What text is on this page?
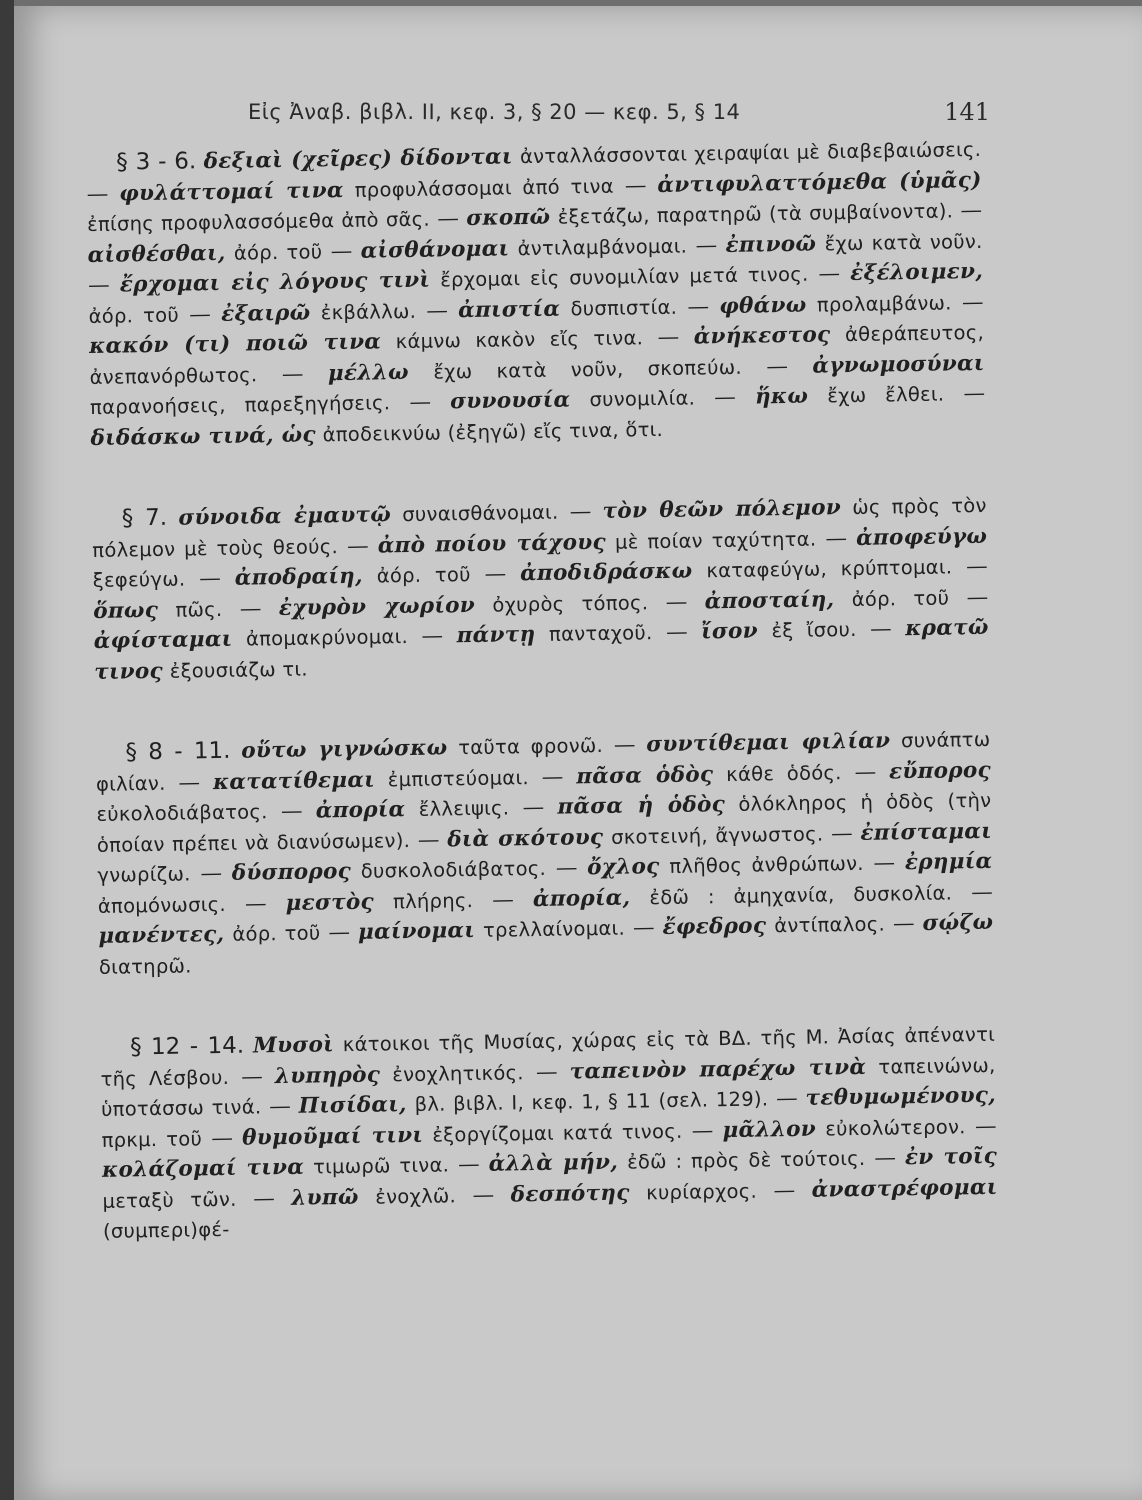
Εἰς Ἀναβ. βιβλ. ΙΙ, κεφ. 3, § 20 — κεφ. 5, § 14	141

§ 3 - 6. δεξιαὶ (χεῖρες) δίδονται ἀνταλλάσσονται χειραψίαι μὲ διαβεβαιώσεις. — φυλάττομαί τινα προφυλάσσομαι ἀπό τινα — ἀντιφυλαττόμεθα (ὑμᾶς) ἐπίσης προφυλασσόμεθα ἀπὸ σᾶς. — σκοπῶ ἐξετάζω, παρατηρῶ (τὰ συμβαίνοντα). — αἰσθέσθαι, ἀόρ. τοῦ — αἰσθάνομαι ἀντιλαμβάνομαι. — ἐπινοῶ ἔχω κατὰ νοῦν. — ἔρχομαι εἰς λόγους τινὶ ἔρχομαι εἰς συνομιλίαν μετά τινος. — ἐξέλοιμεν, ἀόρ. τοῦ — ἐξαιρῶ ἐκβάλλω. — ἀπιστία δυσπιστία. — φθάνω προλαμβάνω. — κακόν (τι) ποιῶ τινα κάμνω κακὸν εἴς τινα. — ἀνήκεστος ἀθεράπευτος, ἀνεπανόρθωτος. — μέλλω ἔχω κατὰ νοῦν, σκοπεύω. — ἀγνωμοσύναι παρανοήσεις, παρεξηγήσεις. — συνουσία συνομιλία. — ἥκω ἔχω ἔλθει. — διδάσκω τινά, ὡς ἀποδεικνύω (ἐξηγῶ) εἴς τινα, ὅτι.

§ 7. σύνοιδα ἐμαυτῷ συναισθάνομαι. — τὸν θεῶν πόλεμον ὡς πρὸς τὸν πόλεμον μὲ τοὺς θεούς. — ἀπὸ ποίου τάχους μὲ ποίαν ταχύτητα. — ἀποφεύγω ξεφεύγω. — ἀποδραίη, ἀόρ. τοῦ — ἀποδιδράσκω καταφεύγω, κρύπτομαι. — ὅπως πῶς. — ἐχυρὸν χωρίον ὀχυρὸς τόπος. — ἀποσταίη, ἀόρ. τοῦ — ἀφίσταμαι ἀπομακρύνομαι. — πάντῃ πανταχοῦ. — ἴσον ἐξ ἴσου. — κρατῶ τινος ἐξουσιάζω τι.

§ 8 - 11. οὕτω γιγνώσκω ταῦτα φρονῶ. — συντίθεμαι φιλίαν συνάπτω φιλίαν. — κατατίθεμαι ἐμπιστεύομαι. — πᾶσα ὁδὸς κάθε ὁδός. — εὔπορος εὐκολοδιάβατος. — ἀπορία ἔλλειψις. — πᾶσα ἡ ὁδὸς ὁλόκληρος ἡ ὁδὸς (τὴν ὁποίαν πρέπει νὰ διανύσωμεν). — διὰ σκότους σκοτεινή, ἄγνωστος. — ἐπίσταμαι γνωρίζω. — δύσπορος δυσκολοδιάβατος. — ὄχλος πλῆθος ἀνθρώπων. — ἐρημία ἀπομόνωσις. — μεστὸς πλήρης. — ἀπορία, ἐδῶ : ἀμηχανία, δυσκολία. — μανέντες, ἀόρ. τοῦ — μαίνομαι τρελλαίνομαι. — ἔφεδρος ἀντίπαλος. — σῴζω διατηρῶ.

§ 12 - 14. Μυσοὶ κάτοικοι τῆς Μυσίας, χώρας εἰς τὰ ΒΔ. τῆς Μ. Ἀσίας ἀπέναντι τῆς Λέσβου. — λυπηρὸς ἐνοχλητικός. — ταπεινὸν παρέχω τινὰ ταπεινώνω, ὑποτάσσω τινά. — Πισίδαι, βλ. βιβλ. Ι, κεφ. 1, § 11 (σελ. 129). — τεθυμωμένους, πρκμ. τοῦ — θυμοῦμαί τινι ἐξοργίζομαι κατά τινος. — μᾶλλον εὐκολώτερον. — κολάζομαί τινα τιμωρῶ τινα. — ἀλλὰ μήν, ἐδῶ : πρὸς δὲ τούτοις. — ἐν τοῖς μεταξὺ τῶν. — λυπῶ ἐνοχλῶ. — δεσπότης κυρίαρχος. — ἀναστρέφομαι (συμπερι)φέ-
